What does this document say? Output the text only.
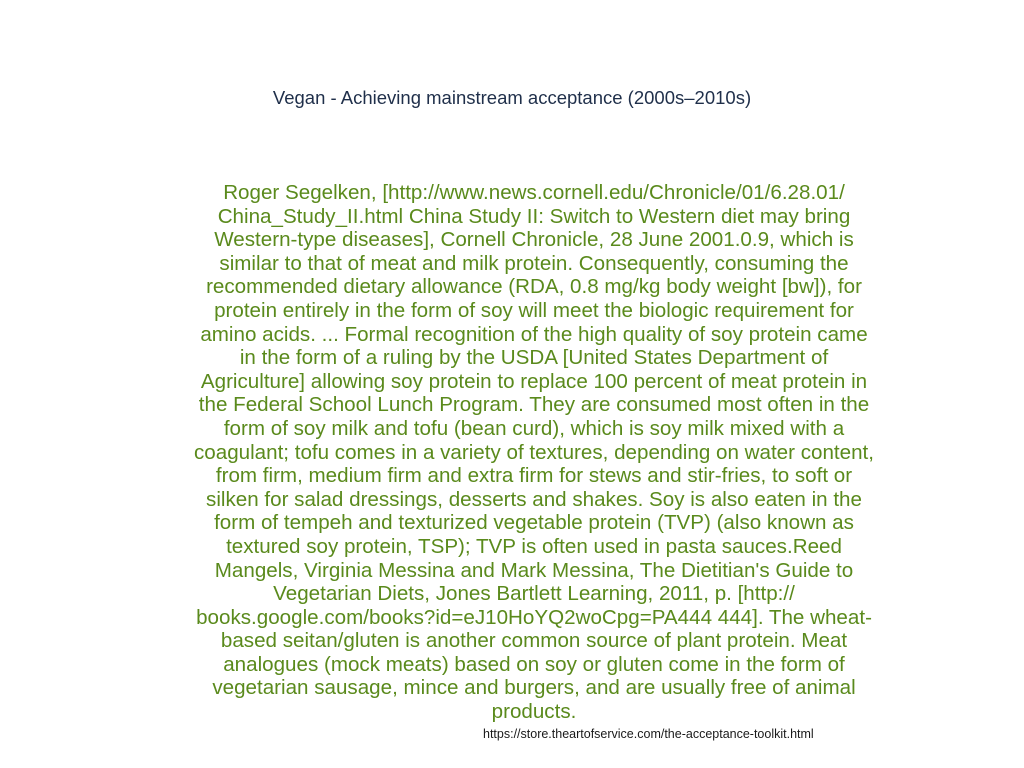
Vegan - Achieving mainstream acceptance (2000s–2010s)
Roger Segelken, [http://www.news.cornell.edu/Chronicle/01/6.28.01/
China_Study_II.html China Study II: Switch to Western diet may bring
Western-type diseases], Cornell Chronicle, 28 June 2001.0.9, which is
similar to that of meat and milk protein. Consequently, consuming the
recommended dietary allowance (RDA, 0.8 mg/kg body weight [bw]), for
protein entirely in the form of soy will meet the biologic requirement for
amino acids. ... Formal recognition of the high quality of soy protein came
in the form of a ruling by the USDA [United States Department of
Agriculture] allowing soy protein to replace 100 percent of meat protein in
the Federal School Lunch Program. They are consumed most often in the
form of soy milk and tofu (bean curd), which is soy milk mixed with a
coagulant; tofu comes in a variety of textures, depending on water content,
from firm, medium firm and extra firm for stews and stir-fries, to soft or
silken for salad dressings, desserts and shakes. Soy is also eaten in the
form of tempeh and texturized vegetable protein (TVP) (also known as
textured soy protein, TSP); TVP is often used in pasta sauces.Reed
Mangels, Virginia Messina and Mark Messina, The Dietitian's Guide to
Vegetarian Diets, Jones Bartlett Learning, 2011, p. [http://
books.google.com/books?id=eJ10HoYQ2woCpg=PA444 444]. The wheat-
based seitan/gluten is another common source of plant protein. Meat
analogues (mock meats) based on soy or gluten come in the form of
vegetarian sausage, mince and burgers, and are usually free of animal
products.
https://store.theartofservice.com/the-acceptance-toolkit.html
